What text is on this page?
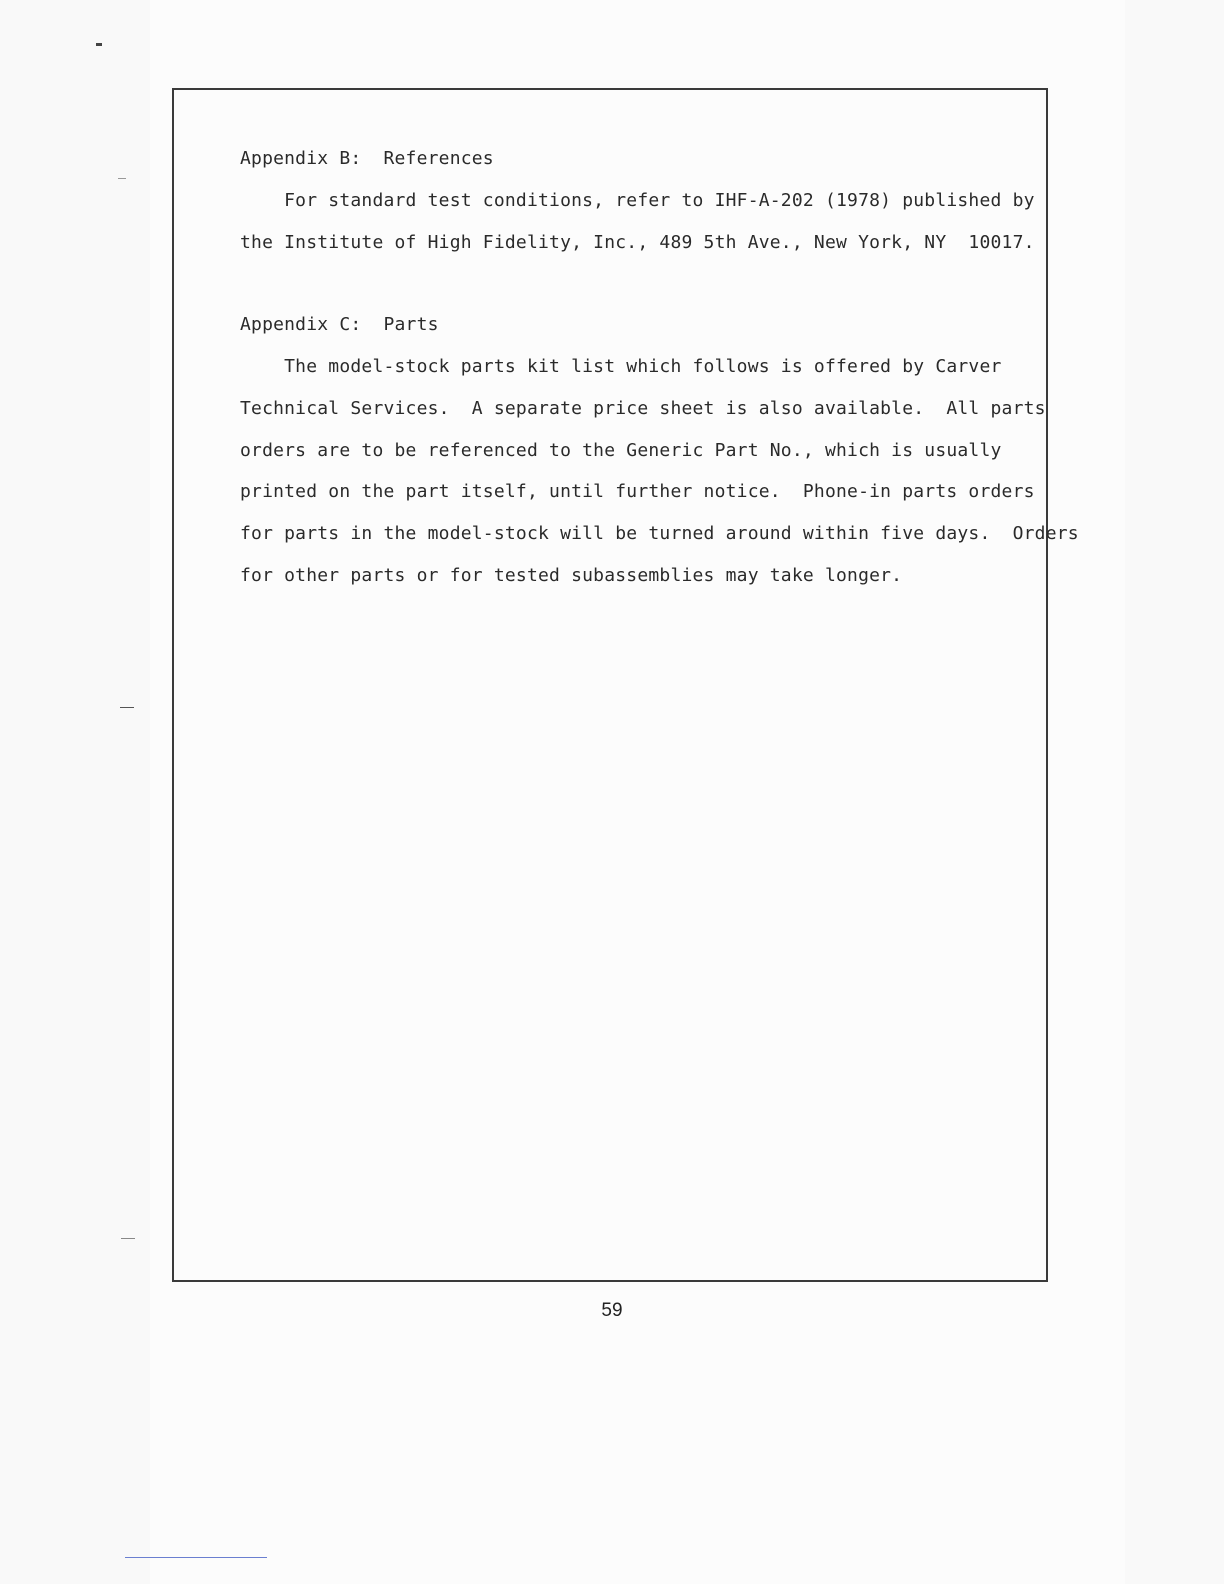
Appendix B:  References
For standard test conditions, refer to IHF-A-202 (1978) published by
the Institute of High Fidelity, Inc., 489 5th Ave., New York, NY  10017.
Appendix C:  Parts
The model-stock parts kit list which follows is offered by Carver
Technical Services.  A separate price sheet is also available.  All parts
orders are to be referenced to the Generic Part No., which is usually
printed on the part itself, until further notice.  Phone-in parts orders
for parts in the model-stock will be turned around within five days.  Orders
for other parts or for tested subassemblies may take longer.
59
